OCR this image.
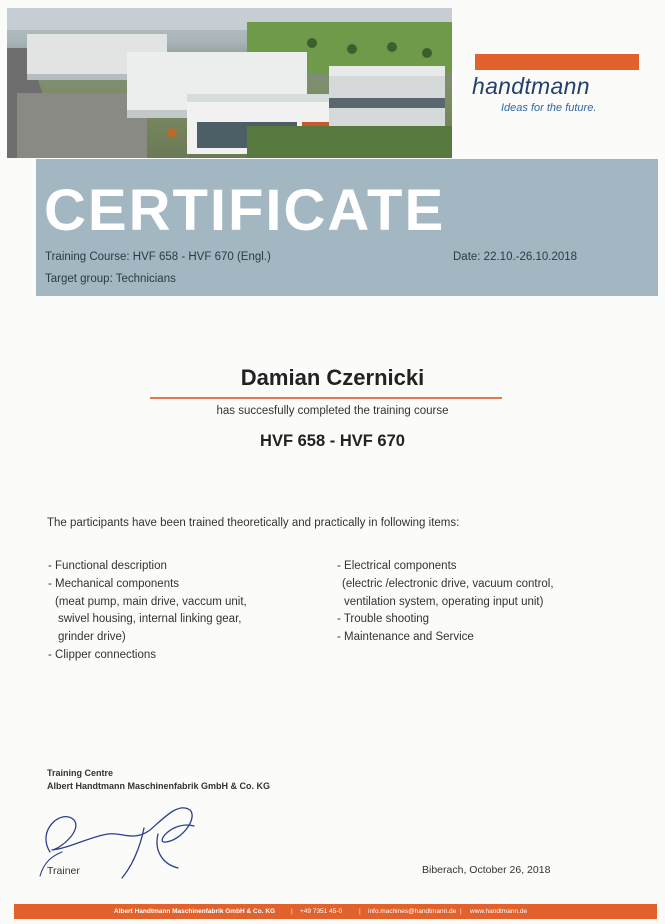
handtmann
Ideas for the future.
CERTIFICATE
Training Course: HVF 658 - HVF 670 (Engl.)
Target group: Technicians
Date: 22.10.-26.10.2018
Damian Czernicki
has succesfully completed the training course
HVF 658 - HVF 670
The participants have been trained theoretically and practically in following items:
- Functional description
- Mechanical components
(meat pump, main drive, vaccum unit,
swivel housing, internal linking gear,
grinder drive)
- Clipper connections
- Electrical components
(electric /electronic drive, vacuum control,
ventilation system, operating input unit)
- Trouble shooting
- Maintenance and Service
Training Centre
Albert Handtmann Maschinenfabrik GmbH & Co. KG
Trainer	Biberach, October 26, 2018
Albert Handtmann Maschinenfabrik GmbH & Co. KG | +49 7351 45-0	| info.machines@handtmann.de | www.handtmann.de
